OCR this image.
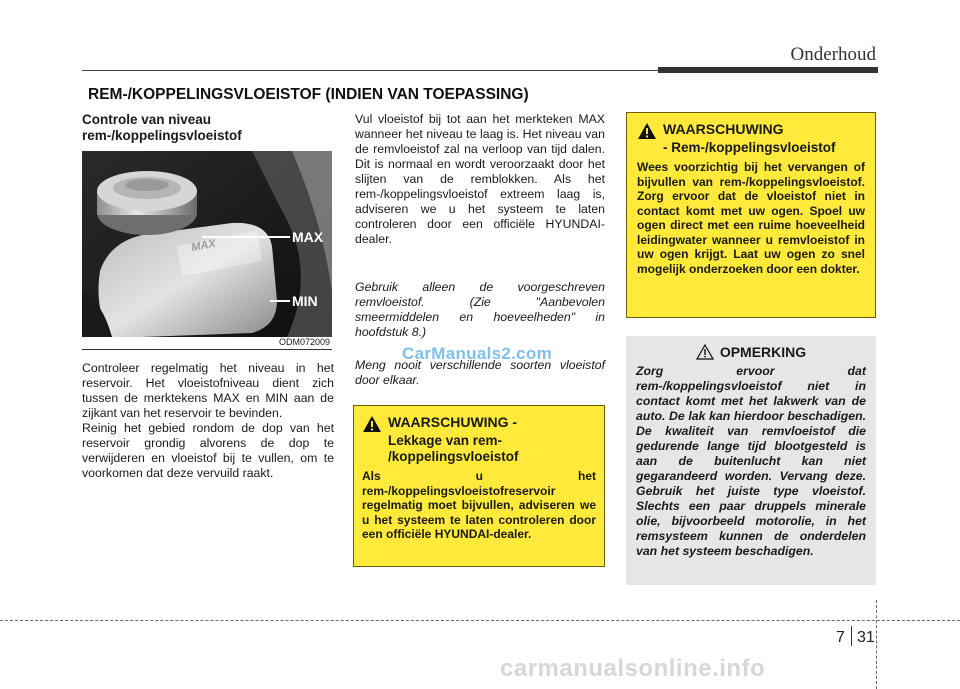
Onderhoud
REM-/KOPPELINGSVLOEISTOF (INDIEN VAN TOEPASSING)
Controle van niveau
rem-/koppelingsvloeistof
MAX
MAX
MIN
ODM072009
Controleer regelmatig het niveau in het reservoir. Het vloeistofniveau dient zich tussen de merktekens MAX en MIN aan de zijkant van het reservoir te bevinden.
Reinig het gebied rondom de dop van het reservoir grondig alvorens de dop te verwijderen en vloeistof bij te vullen, om te voorkomen dat deze vervuild raakt.
Vul vloeistof bij tot aan het merkteken MAX wanneer het niveau te laag is. Het niveau van de remvloeistof zal na verloop van tijd dalen. Dit is normaal en wordt veroorzaakt door het slijten van de remblokken. Als het rem-/koppelingsvloeistof extreem laag is, adviseren we u het systeem te laten controleren door een officiële HYUNDAI-dealer.
Gebruik alleen de voorgeschreven remvloeistof. (Zie "Aanbevolen smeermiddelen en hoeveelheden" in hoofdstuk 8.)
Meng nooit verschillende soorten vloeistof door elkaar.
WAARSCHUWING -
Lekkage van rem-
/koppelingsvloeistof
Als u het rem-/koppelingsvloeistofreservoir regelmatig moet bijvullen, adviseren we u het systeem te laten controleren door een officiële HYUNDAI-dealer.
CarManuals2.com
WAARSCHUWING
- Rem-/koppelingsvloeistof
Wees voorzichtig bij het vervangen of bijvullen van rem-/koppelingsvloeistof. Zorg ervoor dat de vloeistof niet in contact komt met uw ogen. Spoel uw ogen direct met een ruime hoeveelheid leidingwater wanneer u remvloeistof in uw ogen krijgt. Laat uw ogen zo snel mogelijk onderzoeken door een dokter.
OPMERKING
Zorg ervoor dat rem-/koppelingsvloeistof niet in contact komt met het lakwerk van de auto. De lak kan hierdoor beschadigen. De kwaliteit van remvloeistof die gedurende lange tijd blootgesteld is aan de buitenlucht kan niet gegarandeerd worden. Vervang deze. Gebruik het juiste type vloeistof. Slechts een paar druppels minerale olie, bijvoorbeeld motorolie, in het remsysteem kunnen de onderdelen van het systeem beschadigen.
7 31
carmanualsonline.info
